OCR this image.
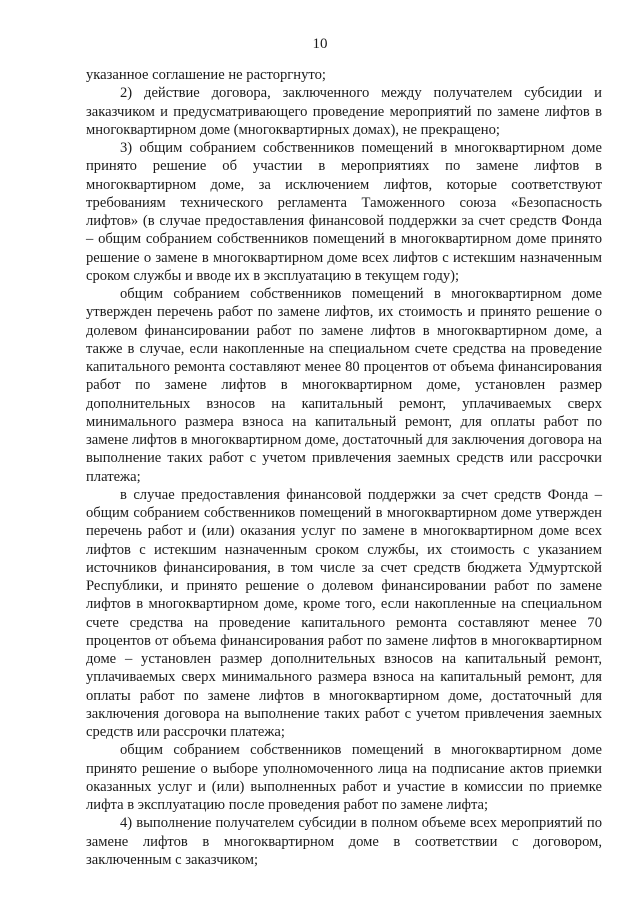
10

указанное соглашение не расторгнуто;

2) действие договора, заключенного между получателем субсидии и заказчиком и предусматривающего проведение мероприятий по замене лифтов в многоквартирном доме (многоквартирных домах), не прекращено;

3) общим собранием собственников помещений в многоквартирном доме принято решение об участии в мероприятиях по замене лифтов в многоквартирном доме, за исключением лифтов, которые соответствуют требованиям технического регламента Таможенного союза «Безопасность лифтов» (в случае предоставления финансовой поддержки за счет средств Фонда – общим собранием собственников помещений в многоквартирном доме принято решение о замене в многоквартирном доме всех лифтов с истекшим назначенным сроком службы и вводе их в эксплуатацию в текущем году);

общим собранием собственников помещений в многоквартирном доме утвержден перечень работ по замене лифтов, их стоимость и принято решение о долевом финансировании работ по замене лифтов в многоквартирном доме, а также в случае, если накопленные на специальном счете средства на проведение капитального ремонта составляют менее 80 процентов от объема финансирования работ по замене лифтов в многоквартирном доме, установлен размер дополнительных взносов на капитальный ремонт, уплачиваемых сверх минимального размера взноса на капитальный ремонт, для оплаты работ по замене лифтов в многоквартирном доме, достаточный для заключения договора на выполнение таких работ с учетом привлечения заемных средств или рассрочки платежа;

в случае предоставления финансовой поддержки за счет средств Фонда – общим собранием собственников помещений в многоквартирном доме утвержден перечень работ и (или) оказания услуг по замене в многоквартирном доме всех лифтов с истекшим назначенным сроком службы, их стоимость с указанием источников финансирования, в том числе за счет средств бюджета Удмуртской Республики, и принято решение о долевом финансировании работ по замене лифтов в многоквартирном доме, кроме того, если накопленные на специальном счете средства на проведение капитального ремонта составляют менее 70 процентов от объема финансирования работ по замене лифтов в многоквартирном доме – установлен размер дополнительных взносов на капитальный ремонт, уплачиваемых сверх минимального размера взноса на капитальный ремонт, для оплаты работ по замене лифтов в многоквартирном доме, достаточный для заключения договора на выполнение таких работ с учетом привлечения заемных средств или рассрочки платежа;

общим собранием собственников помещений в многоквартирном доме принято решение о выборе уполномоченного лица на подписание актов приемки оказанных услуг и (или) выполненных работ и участие в комиссии по приемке лифта в эксплуатацию после проведения работ по замене лифта;

4) выполнение получателем субсидии в полном объеме всех мероприятий по замене лифтов в многоквартирном доме в соответствии с договором, заключенным с заказчиком;
